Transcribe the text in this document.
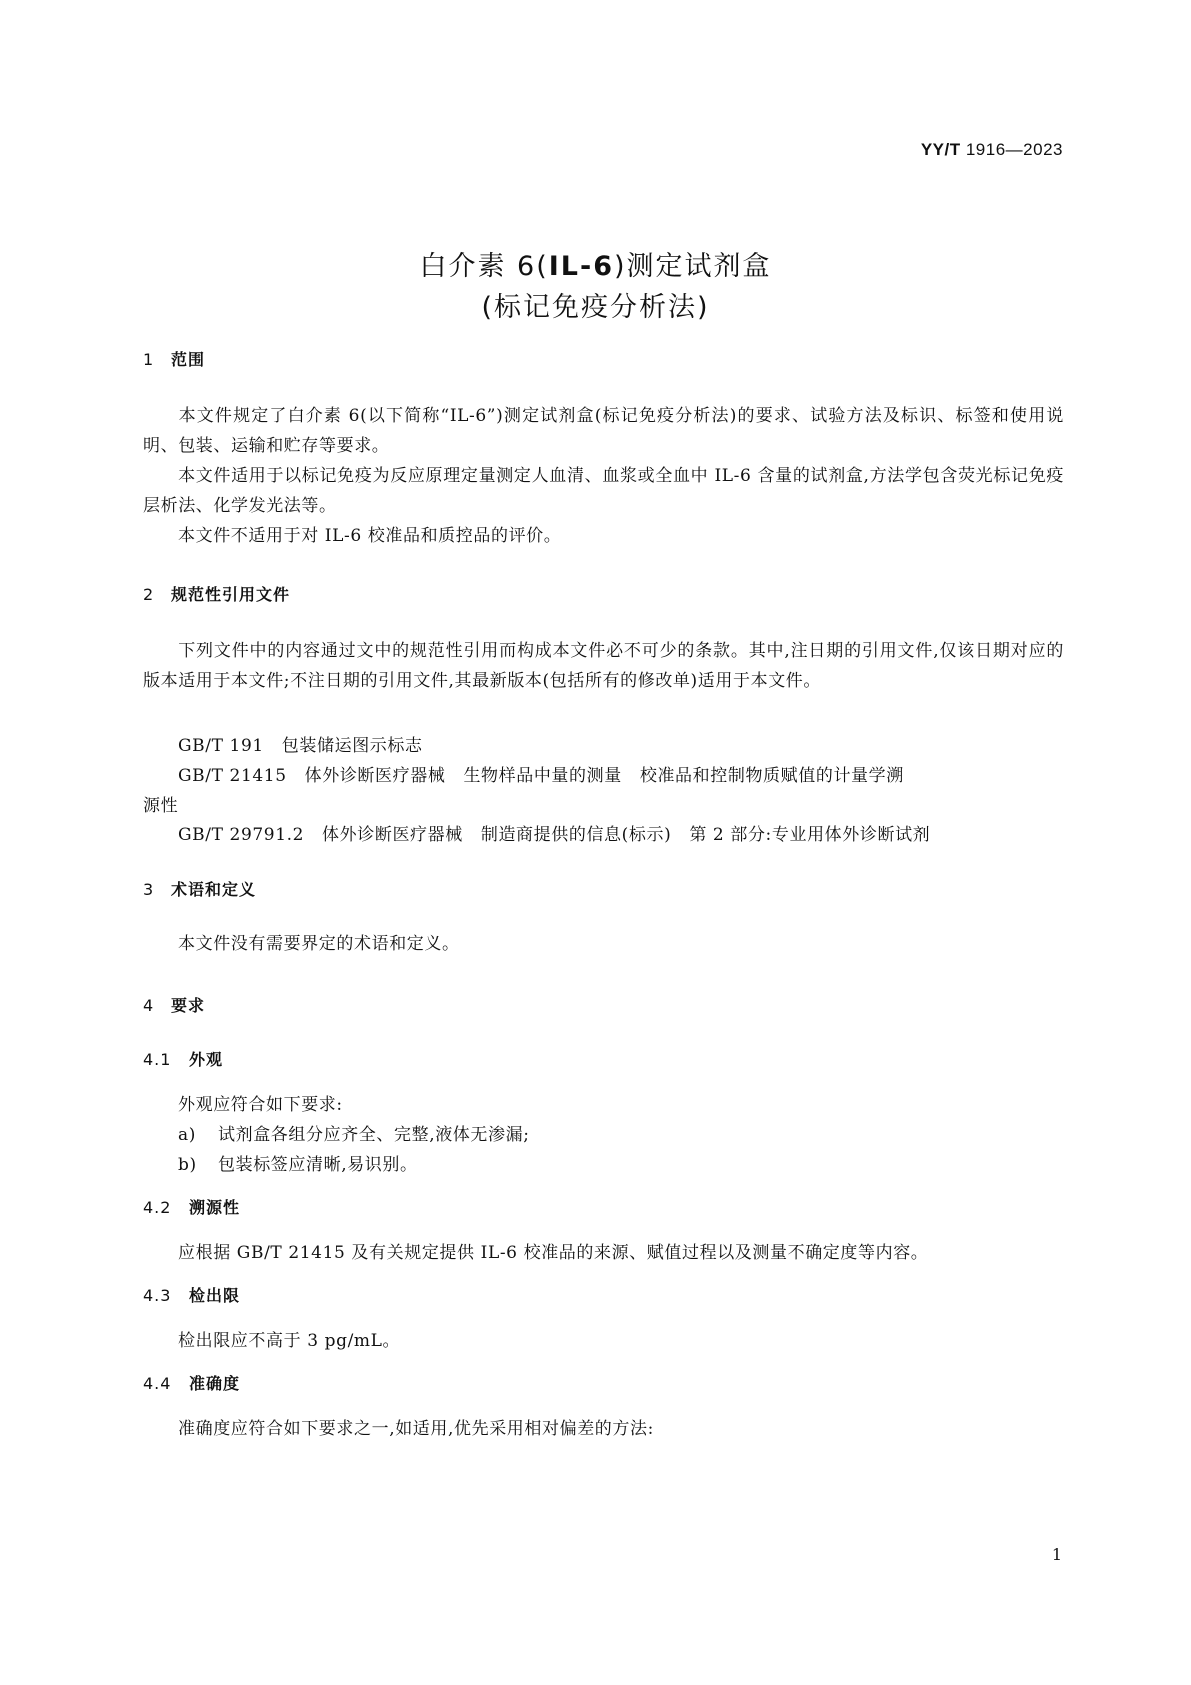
YY/T 1916—2023
白介素 6(IL-6)测定试剂盒
(标记免疫分析法)
1 范围
本文件规定了白介素 6(以下简称“IL-6”)测定试剂盒(标记免疫分析法)的要求、试验方法及标识、标签和使用说明、包装、运输和贮存等要求。
本文件适用于以标记免疫为反应原理定量测定人血清、血浆或全血中 IL-6 含量的试剂盒,方法学包含荧光标记免疫层析法、化学发光法等。
本文件不适用于对 IL-6 校准品和质控品的评价。
2 规范性引用文件
下列文件中的内容通过文中的规范性引用而构成本文件必不可少的条款。其中,注日期的引用文件,仅该日期对应的版本适用于本文件;不注日期的引用文件,其最新版本(包括所有的修改单)适用于本文件。
GB/T 191 包装储运图示标志
GB/T 21415 体外诊断医疗器械 生物样品中量的测量 校准品和控制物质赋值的计量学溯
源性
GB/T 29791.2 体外诊断医疗器械 制造商提供的信息(标示) 第 2 部分:专业用体外诊断试剂
3 术语和定义
本文件没有需要界定的术语和定义。
4 要求
4.1 外观
外观应符合如下要求:
a) 试剂盒各组分应齐全、完整,液体无渗漏;
b) 包装标签应清晰,易识别。
4.2 溯源性
应根据 GB/T 21415 及有关规定提供 IL-6 校准品的来源、赋值过程以及测量不确定度等内容。
4.3 检出限
检出限应不高于 3 pg/mL。
4.4 准确度
准确度应符合如下要求之一,如适用,优先采用相对偏差的方法:
1
